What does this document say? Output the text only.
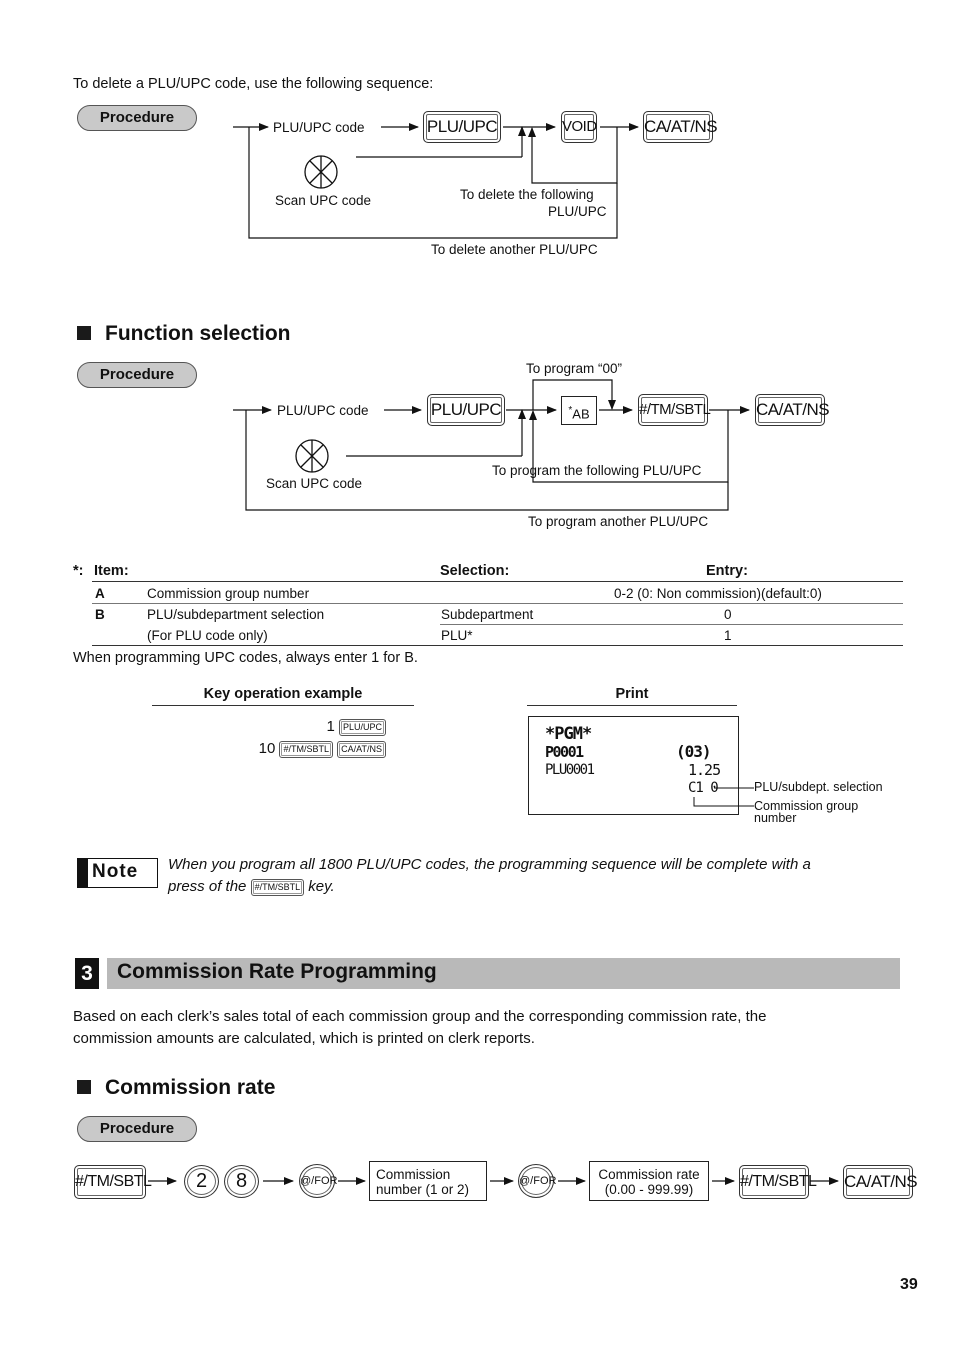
To delete a PLU/UPC code, use the following sequence:
Procedure
PLU/UPC code	PLU/UPC	VOID	CA/AT/NS
Scan UPC code	To delete the following
PLU/UPC
To delete another PLU/UPC
Function selection
Procedure	To program “00”
PLU/UPC code	PLU/UPC	*AB	#/TM/SBTL	CA/AT/NS
Scan UPC code
To program the following PLU/UPC
To program another PLU/UPC
*: Item:	Selection:	Entry:
A	Commission group number	0-2 (0: Non commission)(default:0)
B	PLU/subdepartment selection	Subdepartment	0
(For PLU code only)	PLU*	1
When programming UPC codes, always enter 1 for B.
Key operation example	Print
1 PLU/UPC
10 #/TM/SBTL CA/AT/NS
*PGM*
P0001	(03)
PLU0001	1.25
C1 0	PLU/subdept. selection
Commission group
number
Note When you program all 1800 PLU/UPC codes, the programming sequence will be complete with a
press of the #/TM/SBTL key.
3 Commission Rate Programming
Based on each clerk’s sales total of each commission group and the corresponding commission rate, the
commission amounts are calculated, which is printed on clerk reports.
Commission rate
Procedure
#/TM/SBTL	2	8	@/FOR	Commission
number (1 or 2)
@/FOR	Commission rate
(0.00 - 999.99)	#/TM/SBTL CA/AT/NS
39
